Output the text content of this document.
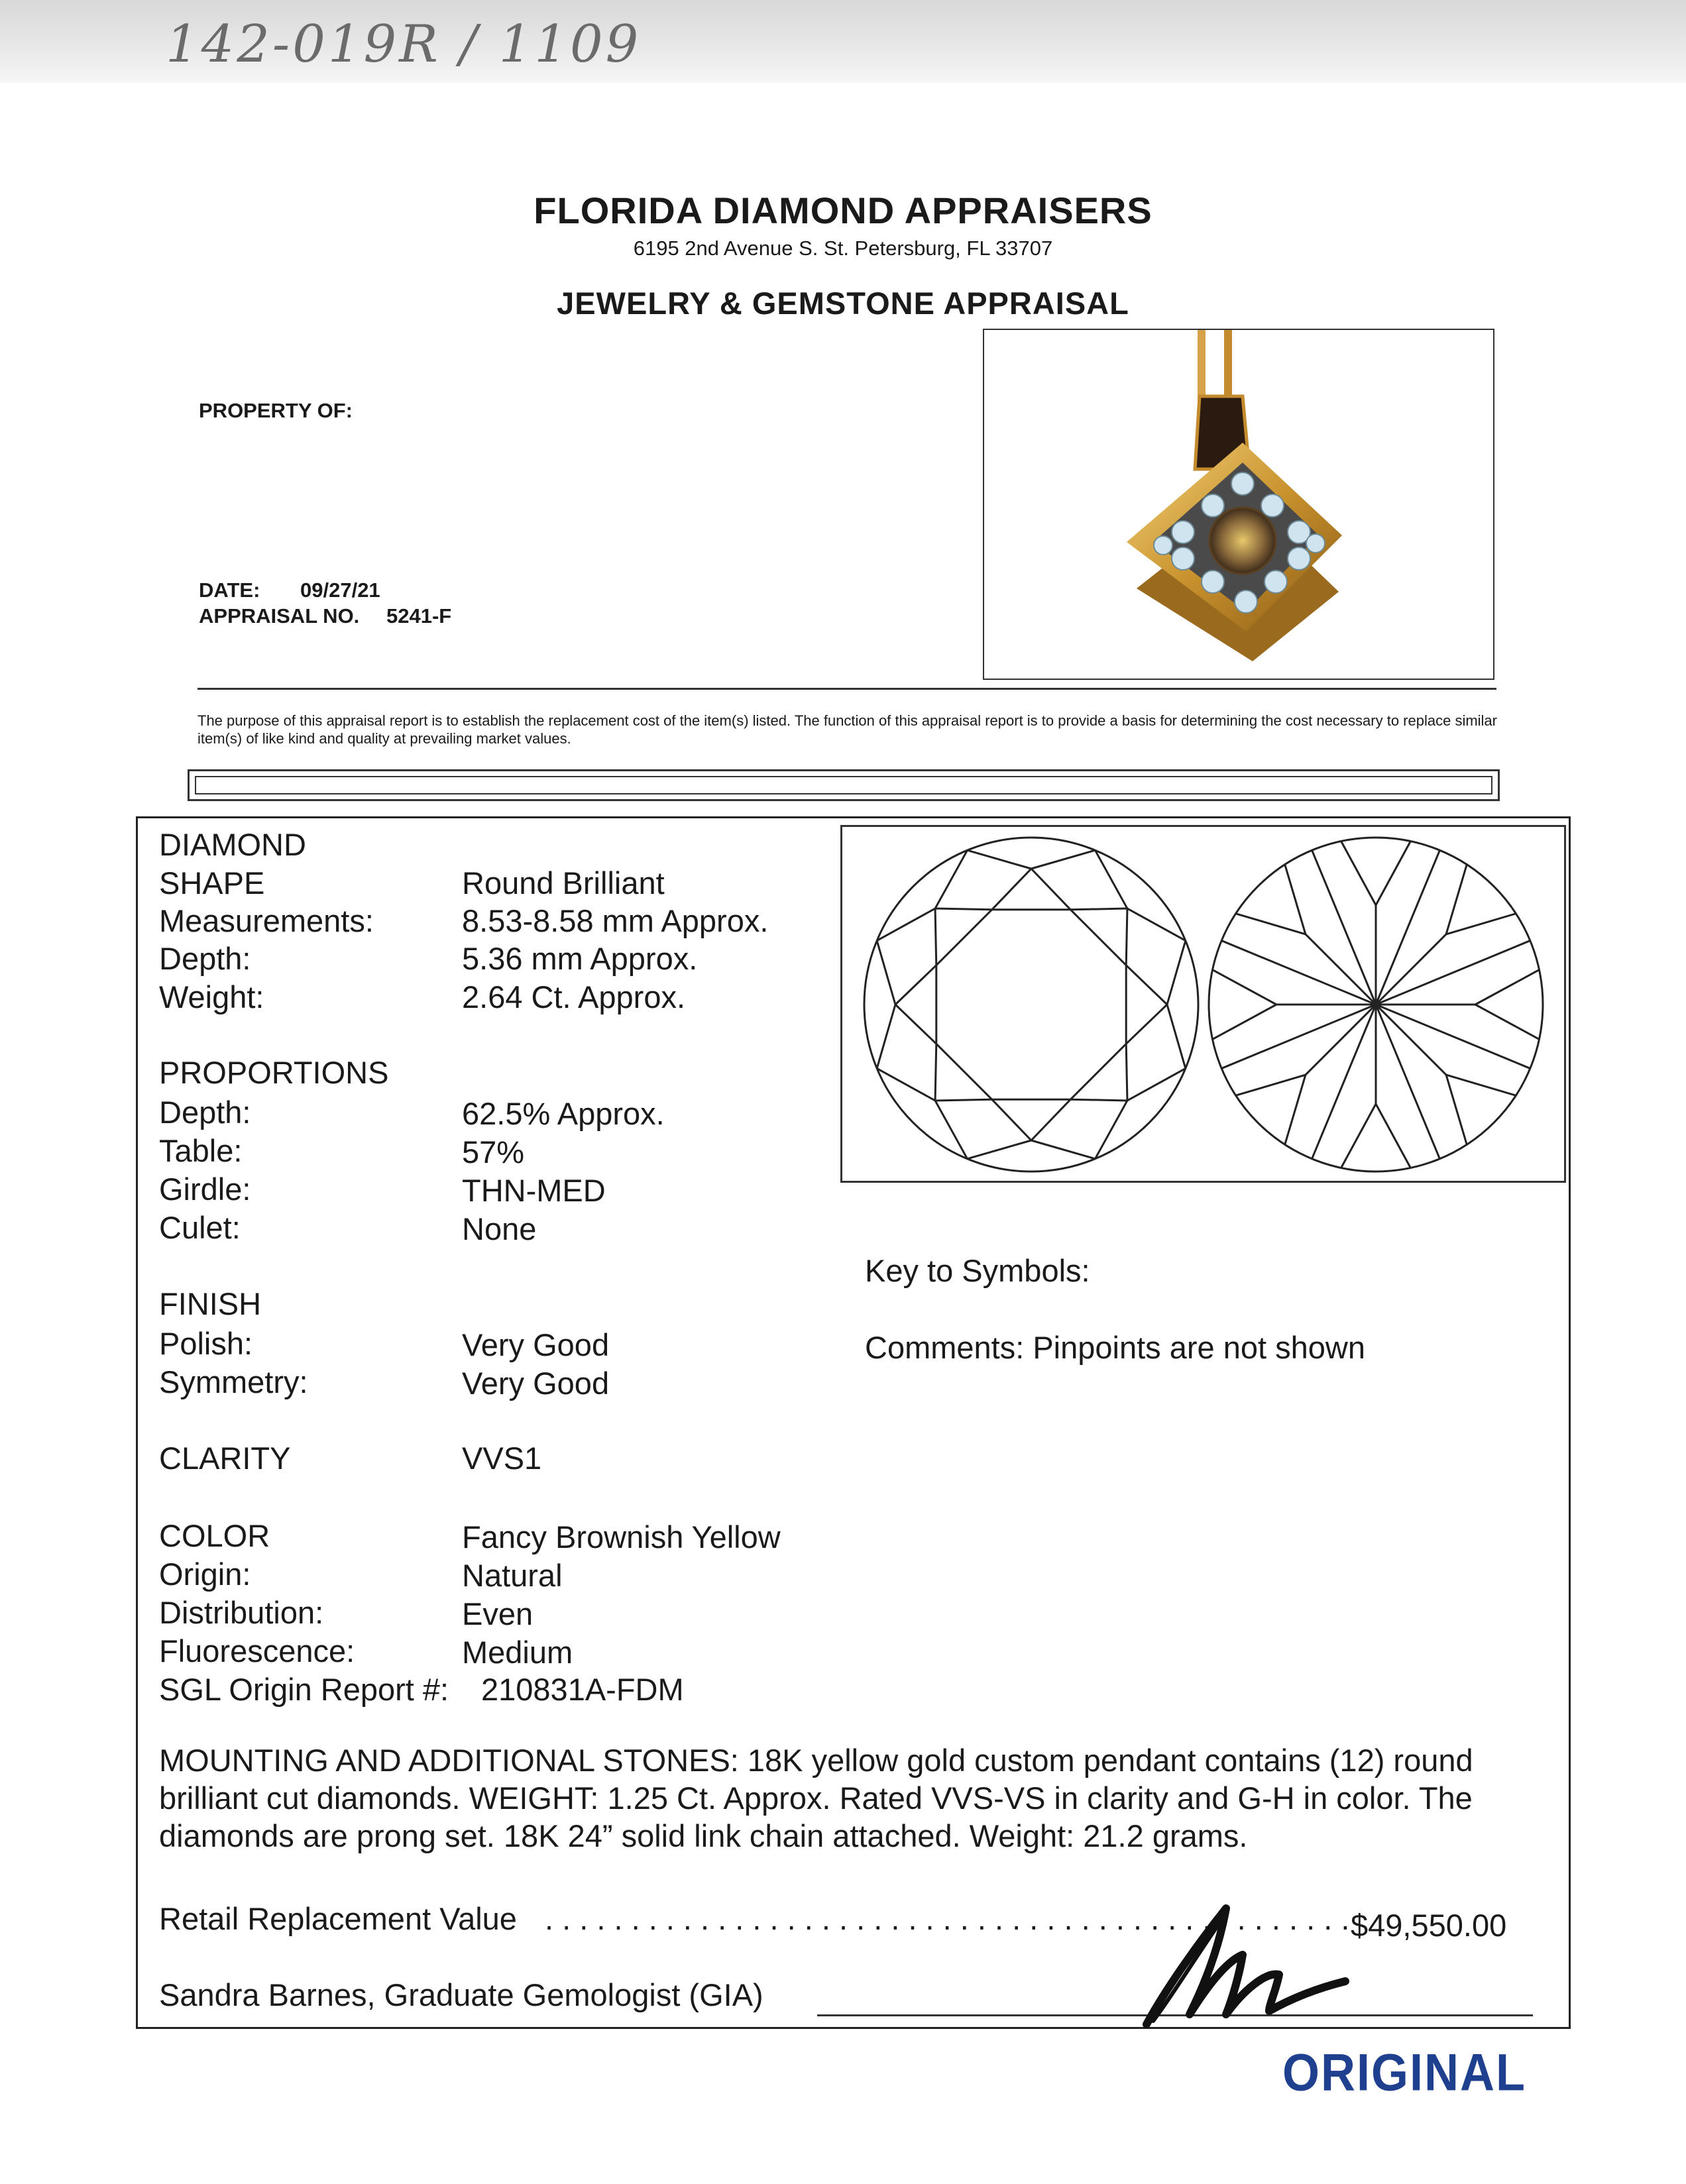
142-019R / 1109
FLORIDA DIAMOND APPRAISERS
6195 2nd Avenue S. St. Petersburg, FL 33707
JEWELRY & GEMSTONE APPRAISAL
PROPERTY OF:
DATE: 09/27/21
APPRAISAL NO. 5241-F
The purpose of this appraisal report is to establish the replacement cost of the item(s) listed. The function of this appraisal report is to provide a basis for determining the cost necessary to replace similar item(s) of like kind and quality at prevailing market values.
DIAMOND
SHAPE	Round Brilliant
Measurements:	8.53-8.58 mm Approx.
Depth:	5.36 mm Approx.
Weight:	2.64 Ct. Approx.
PROPORTIONS
Depth:	62.5% Approx.
Table:	57%
Girdle:	THN-MED
Culet:	None
FINISH
Polish:	Very Good
Symmetry:	Very Good
CLARITY	VVS1
COLOR	Fancy Brownish Yellow
Origin:	Natural
Distribution:	Even
Fluorescence:	Medium
SGL Origin Report #: 210831A-FDM
Key to Symbols:
Comments: Pinpoints are not shown
MOUNTING AND ADDITIONAL STONES: 18K yellow gold custom pendant contains (12) round brilliant cut diamonds. WEIGHT: 1.25 Ct. Approx. Rated VVS-VS in clarity and G-H in color. The diamonds are prong set. 18K 24” solid link chain attached. Weight: 21.2 grams.
Retail Replacement Value . . . . . . . . . . . . . . . . . . . . . . . . . . . . . . . . . . . . . . . . . . . . . . . $49,550.00
Sandra Barnes, Graduate Gemologist (GIA)
ORIGINAL
